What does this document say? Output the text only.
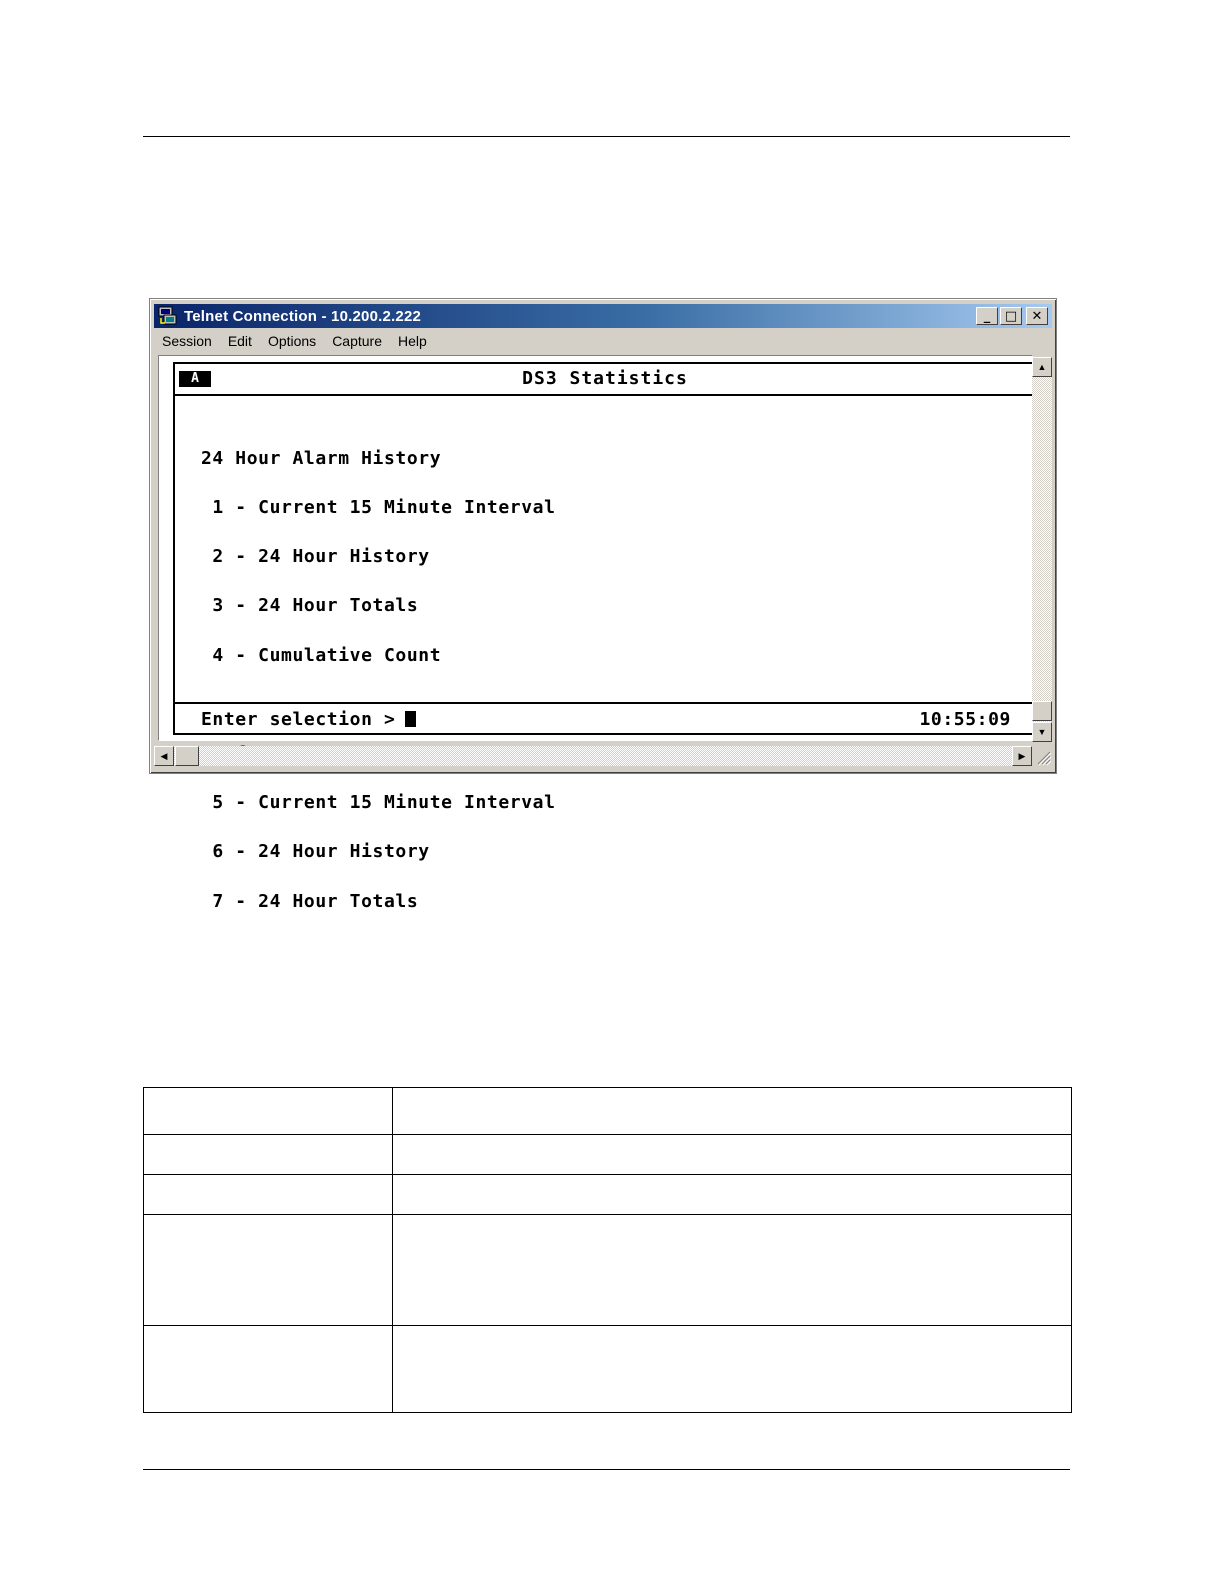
Telnet Connection - 10.200.2.222	_ □ ✕
Session	Edit	Options	Capture	Help
A	DS3 Statistics

24 Hour Alarm History

1 - Current 15 Minute Interval

2 - 24 Hour History

3 - 24 Hour Totals

4 - Cumulative Count

5 - Current 15 Minute Interval

6 - 24 Hour History

7 - 24 Hour Totals

Enter selection >	10:55:09
▲
▼
◀	▶
